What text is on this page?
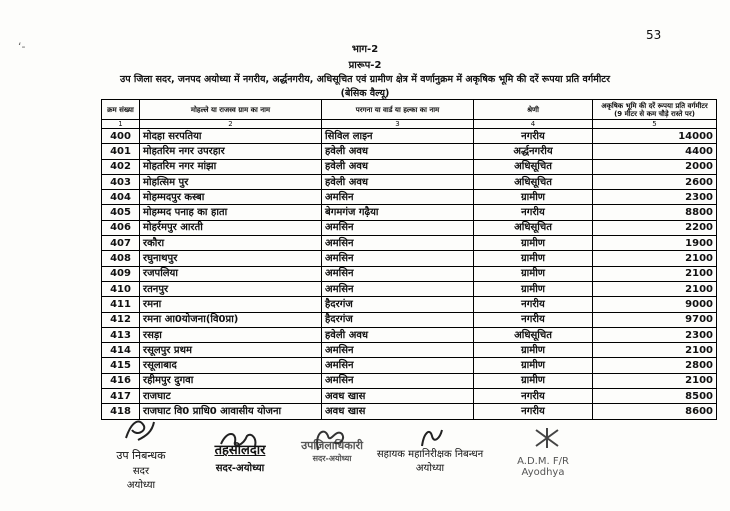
53
ʻ-	भाग-2
प्रारूप-2
उप जिला सदर, जनपद अयोध्या में नगरीय, अर्द्धनगरीय, अधिसूचित एवं ग्रामीण क्षेत्र में वर्णानुक्रम में अकृषिक भूमि की दरें रूपया प्रति वर्गमीटर
(बेसिक वैल्यू)
क्रम संख्या	मोहल्ले या राजस्व ग्राम का नाम	परगना या वार्ड या हल्का का नाम	श्रेणी	अकृषिक भूमि की दरें रूपया प्रति वर्गमीटर (9 मीटर से कम चौड़े रास्ते पर)
1	2	3	4	5
400	मोदहा सरपतिया	सिविल लाइन	नगरीय	14000
401	मोहतरिम नगर उपरहार	हवेली अवध	अर्द्धनगरीय	4400
402	मोहतरिम नगर मांझा	हवेली अवध	अधिसूचित	2000
403	मोहत्सिम पुर	हवेली अवध	अधिसूचित	2600
404	मोहम्मदपुर कस्बा	अमसिन	ग्रामीण	2300
405	मोहम्मद पनाह का हाता	बेगमगंज गढ़ैया	नगरीय	8800
406	मोहर्रमपुर आरती	अमसिन	अधिसूचित	2200
407	रकौरा	अमसिन	ग्रामीण	1900
408	रघुनाथपुर	अमसिन	ग्रामीण	2100
409	रजपलिया	अमसिन	ग्रामीण	2100
410	रतनपुर	अमसिन	ग्रामीण	2100
411	रमना	हैदरगंज	नगरीय	9000
412	रमना आ0योजना(वि0प्रा)	हैदरगंज	नगरीय	9700
413	रसड़ा	हवेली अवध	अधिसूचित	2300
414	रसूलपुर प्रथम	अमसिन	ग्रामीण	2100
415	रसूलाबाद	अमसिन	ग्रामीण	2800
416	रहीमपुर दुगवा	अमसिन	ग्रामीण	2100
417	राजघाट	अवध खास	नगरीय	8500
418	राजघाट वि0 प्राधि0 आवासीय योजना	अवध खास	नगरीय	8600
उप निबन्धक
सदर
अयोध्या
तहसीलदार
सदर-अयोध्या
उपजिलाधिकारी
सदर-अयोध्या	सहायक महानिरीक्षक निबन्धन
अयोध्या
A.D.M. F/R
Ayodhya
